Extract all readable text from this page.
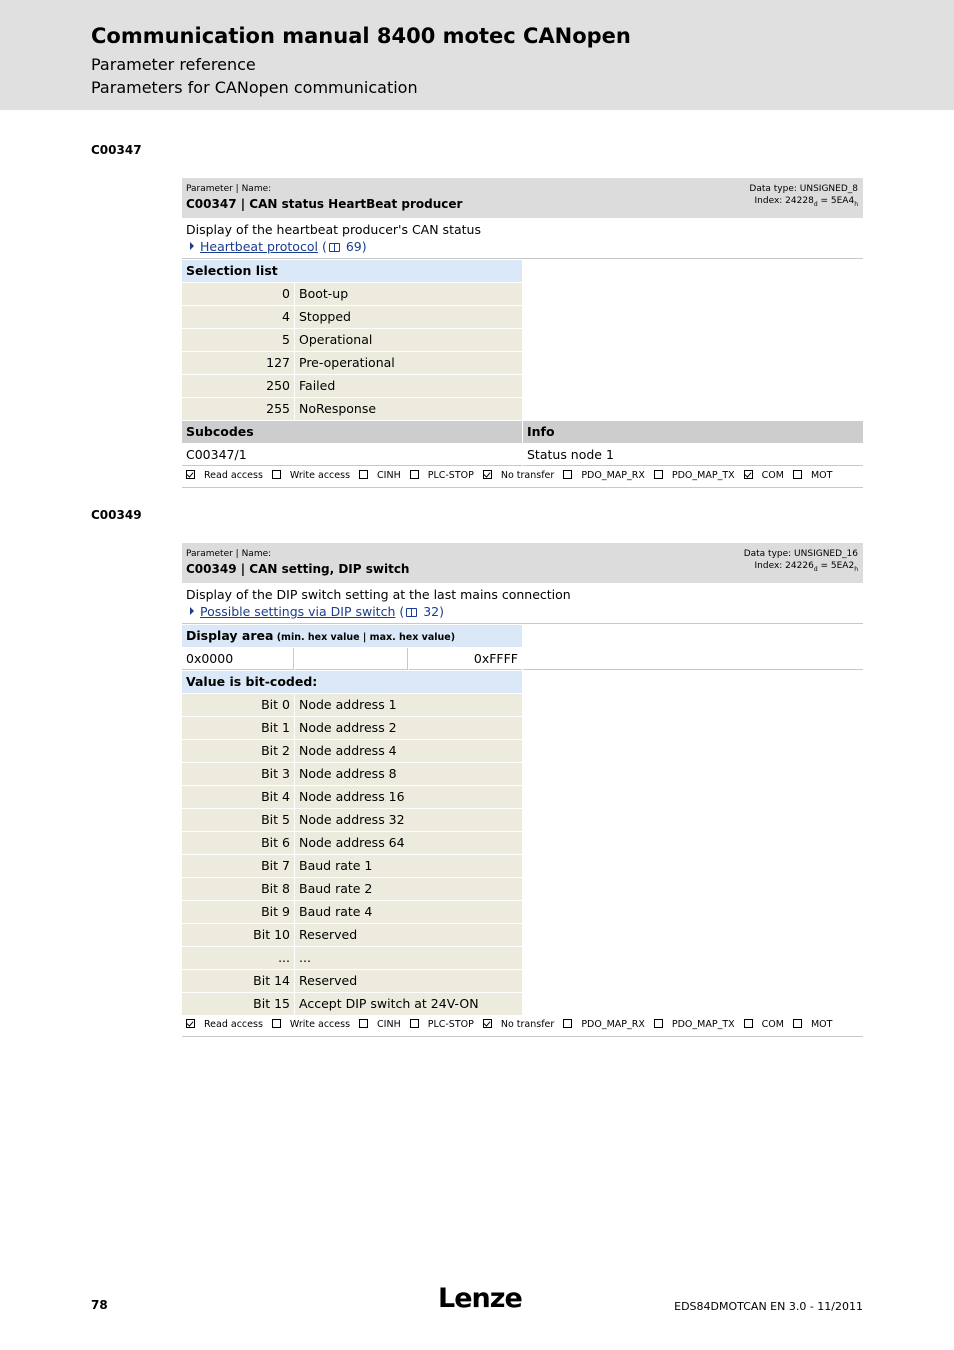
Communication manual 8400 motec CANopen
Parameter reference
Parameters for CANopen communication
C00347
Parameter | Name:
C00347 | CAN status HeartBeat producer
Data type: UNSIGNED_8
Index: $24228_d = 5EA4_h$
Display of the heartbeat producer's CAN status
Heartbeat protocol ( 69)
Selection list
0 Boot-up
4 Stopped
5 Operational
127 Pre-operational
250 Failed
255 NoResponse
Subcodes	Info
C00347/1	Status node 1
Read access	Write access	CINH	PLC-STOP	No transfer	PDO_MAP_RX	PDO_MAP_TX	COM	MOT
C00349
Parameter | Name:
C00349 | CAN setting, DIP switch
Data type: UNSIGNED_16
Index: $24226_d = 5EA2_h$
Display of the DIP switch setting at the last mains connection
Possible settings via DIP switch ( 32)
Display area (min. hex value | max. hex value)
0x0000	0xFFFF
Value is bit-coded:
Bit 0 Node address 1
Bit 1 Node address 2
Bit 2 Node address 4
Bit 3 Node address 8
Bit 4 Node address 16
Bit 5 Node address 32
Bit 6 Node address 64
Bit 7 Baud rate 1
Bit 8 Baud rate 2
Bit 9 Baud rate 4
Bit 10 Reserved
... ...
Bit 14 Reserved
Bit 15 Accept DIP switch at 24V-ON
Read access	Write access	CINH	PLC-STOP	No transfer	PDO_MAP_RX	PDO_MAP_TX	COM	MOT
78	Lenze	EDS84DMOTCAN EN 3.0 - 11/2011
